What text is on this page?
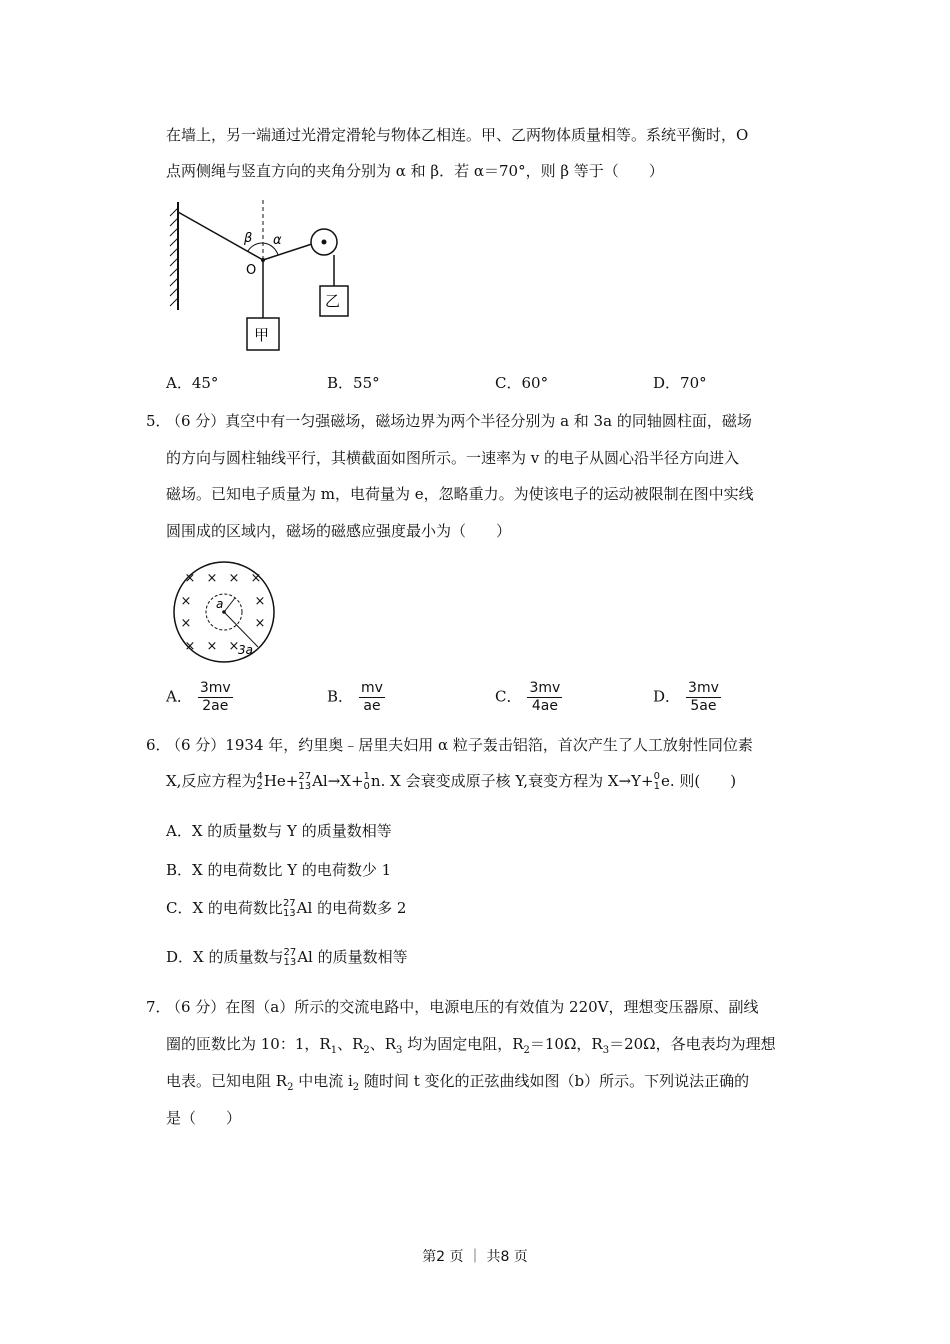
在墙上，另一端通过光滑定滑轮与物体乙相连。甲、乙两物体质量相等。系统平衡时，O
点两侧绳与竖直方向的夹角分别为 α 和 β．若 α＝70°，则 β 等于（　　）
β α
O
乙
甲
A．45°	B．55°	C．60°	D．70°
5．
（6 分）真空中有一匀强磁场，磁场边界为两个半径分别为 a 和 3a 的同轴圆柱面，磁场
的方向与圆柱轴线平行，其横截面如图所示。一速率为 v 的电子从圆心沿半径方向进入
磁场。已知电子质量为 m，电荷量为 e，忽略重力。为使该电子的运动被限制在图中实线
圆围成的区域内，磁场的磁感应强度最小为（　　）
× × × ×
×	×
×	×
× × ×
a
3a
A． $\frac{3mv}{2ae}$	B． $\frac{mv}{ae}$	C． $\frac{3mv}{4ae}$	D． $\frac{3mv}{5ae}$
6．
（6 分）1934 年，约里奥﹣居里夫妇用 α 粒子轰击铝箔，首次产生了人工放射性同位素
X,反应方程为 4
2 He+ 27
13 Al→X+ 1
0 n. X 会衰变成原子核 Y,衰变方程为 X→Y+ 0
1 e. 则(　　)
A．X 的质量数与 Y 的质量数相等
B．X 的电荷数比 Y 的电荷数少 1
C．X 的电荷数比 27
13 Al 的电荷数多 2
D．X 的质量数与 27
13 Al 的质量数相等
7．
（6 分）在图（a）所示的交流电路中，电源电压的有效值为 220V，理想变压器原、副线
圈的匝数比为 10：1，$R_1$、$R_2$、$R_3$ 均为固定电阻，$R_2=10\Omega$，$R_3=20\Omega$，各电表均为理想
电表。已知电阻 $R_2$ 中电流 $i_2$ 随时间 t 变化的正弦曲线如图（b）所示。下列说法正确的
是（　　）
第2 页 ｜ 共8 页
